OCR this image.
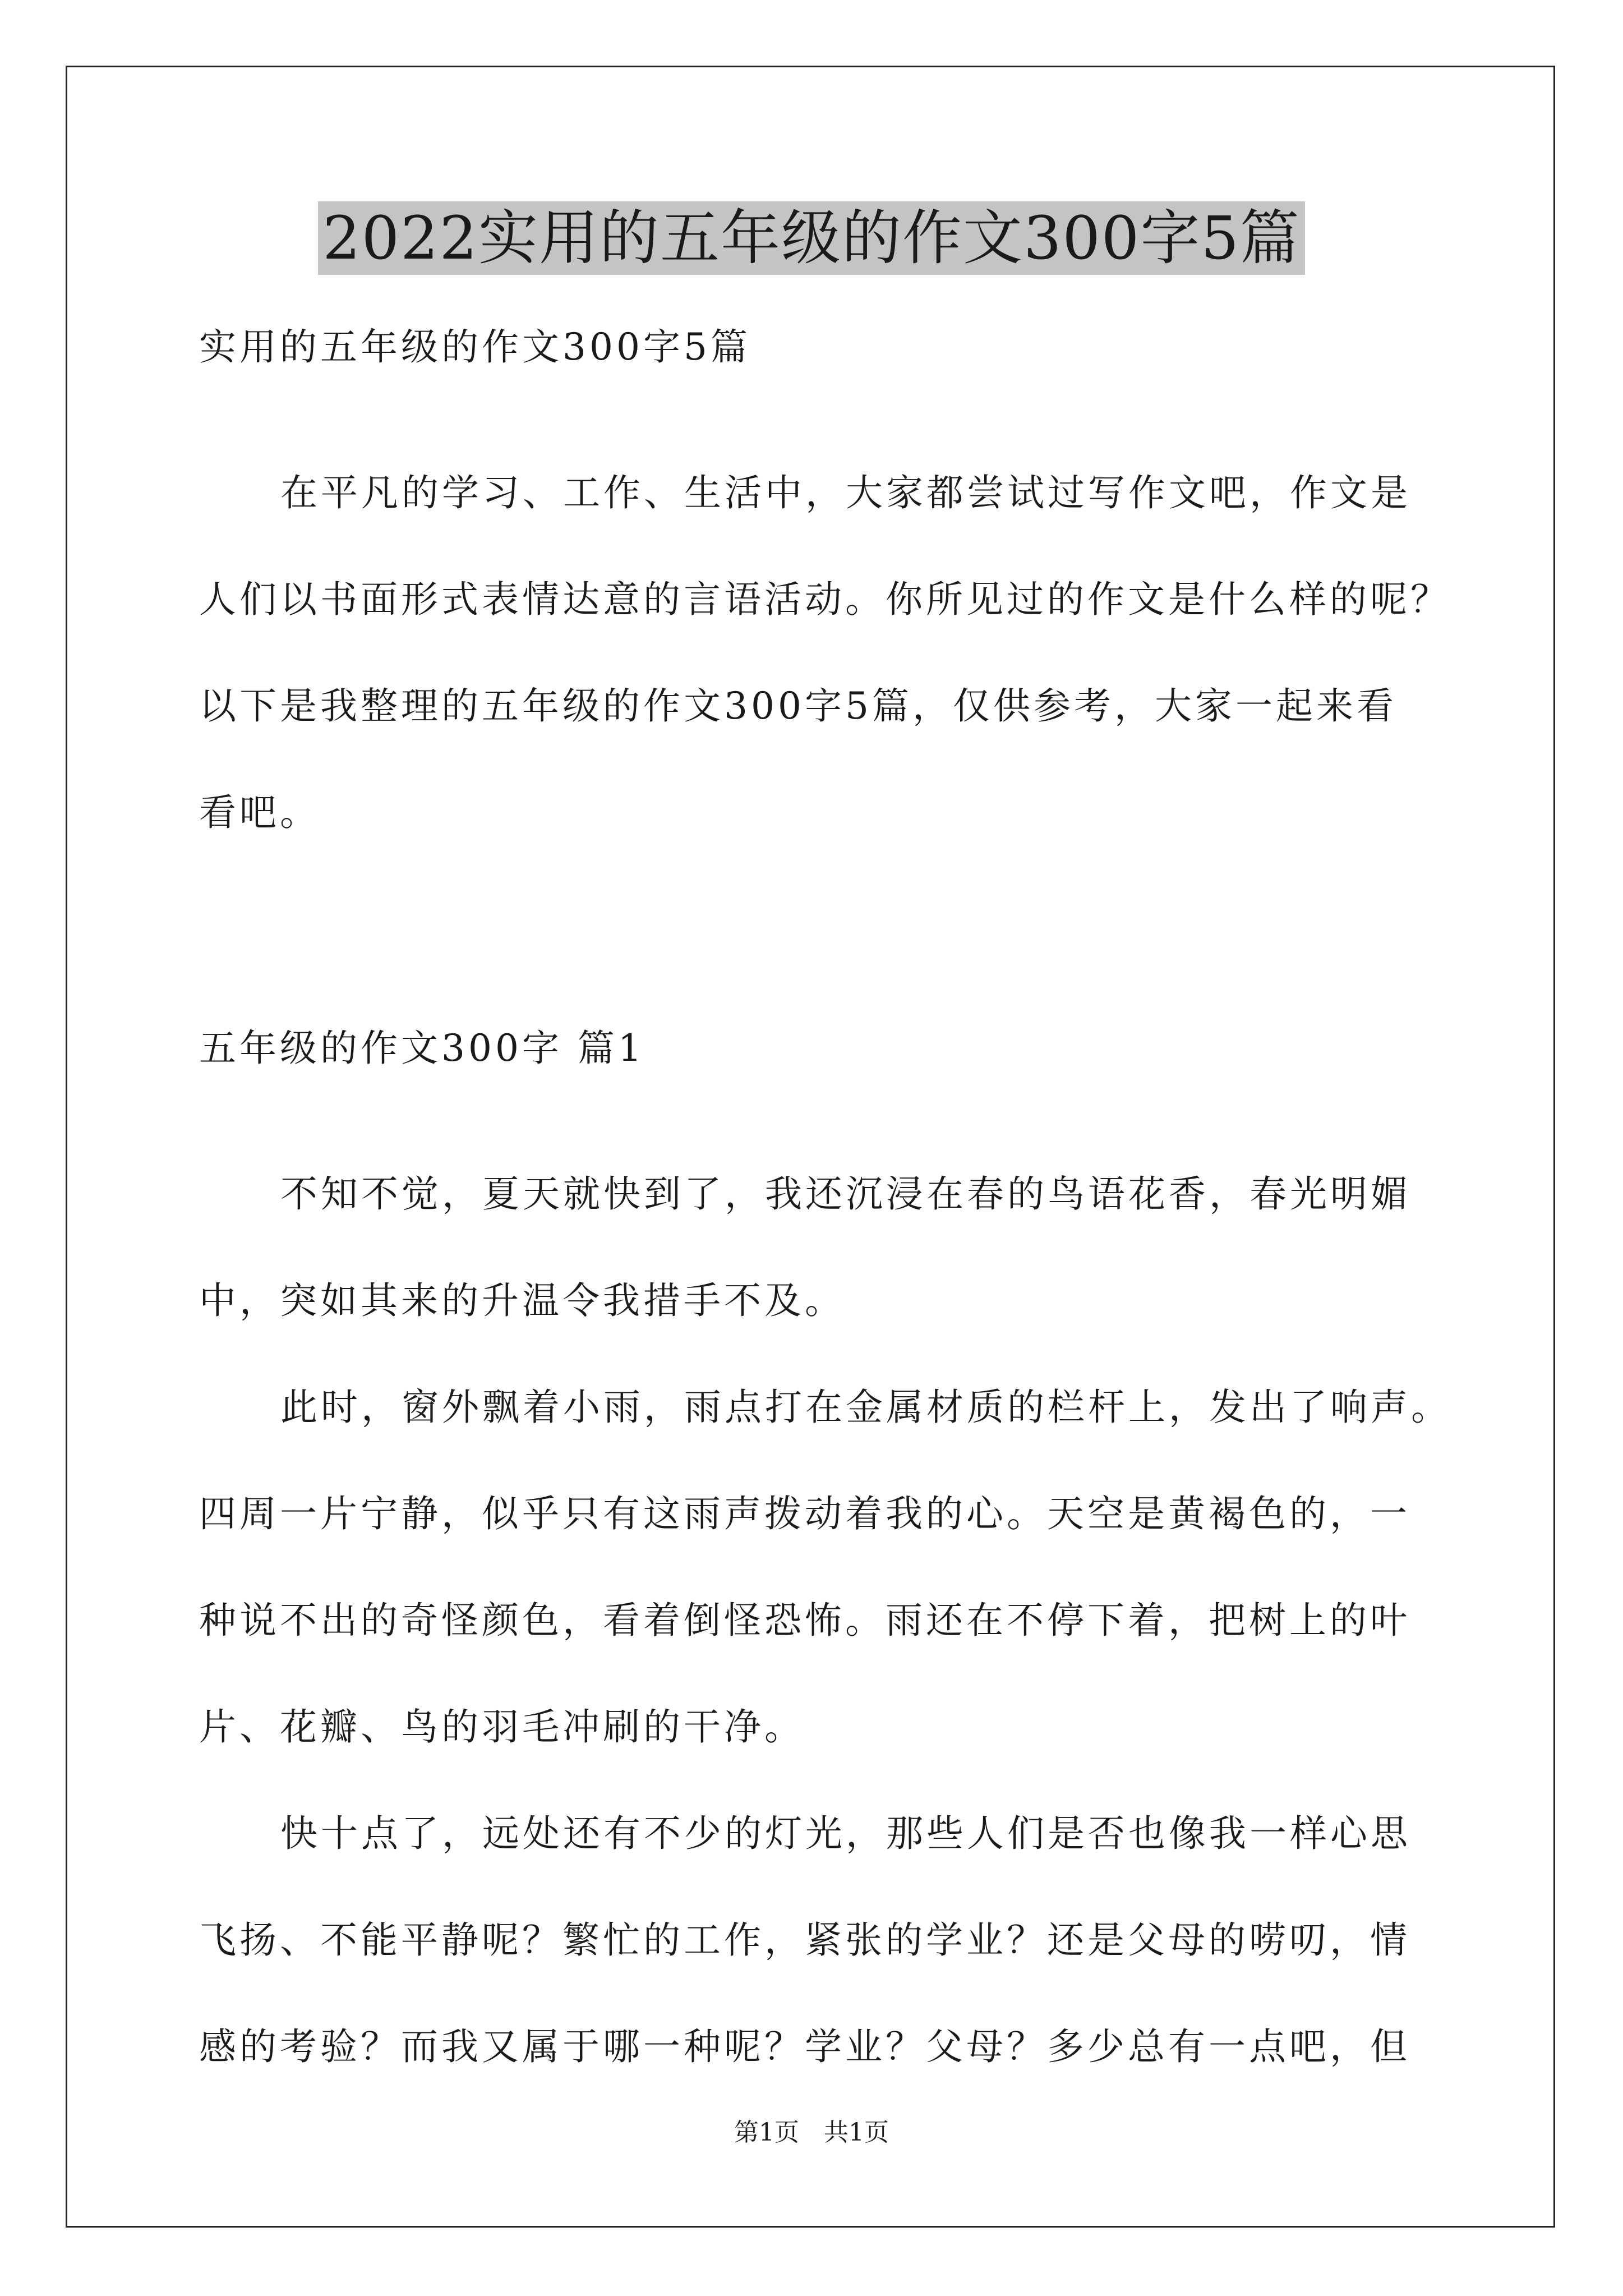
2022实用的五年级的作文300字5篇
实用的五年级的作文300字5篇
在平凡的学习、工作、生活中，大家都尝试过写作文吧，作文是
人们以书面形式表情达意的言语活动。你所见过的作文是什么样的呢？
以下是我整理的五年级的作文300字5篇，仅供参考，大家一起来看
看吧。
五年级的作文300字 篇1
不知不觉，夏天就快到了，我还沉浸在春的鸟语花香，春光明媚
中，突如其来的升温令我措手不及。
此时，窗外飘着小雨，雨点打在金属材质的栏杆上，发出了响声。
四周一片宁静，似乎只有这雨声拨动着我的心。天空是黄褐色的，一
种说不出的奇怪颜色，看着倒怪恐怖。雨还在不停下着，把树上的叶
片、花瓣、鸟的羽毛冲刷的干净。
快十点了，远处还有不少的灯光，那些人们是否也像我一样心思
飞扬、不能平静呢？繁忙的工作，紧张的学业？还是父母的唠叨，情
感的考验？而我又属于哪一种呢？学业？父母？多少总有一点吧，但
第1页　共1页
